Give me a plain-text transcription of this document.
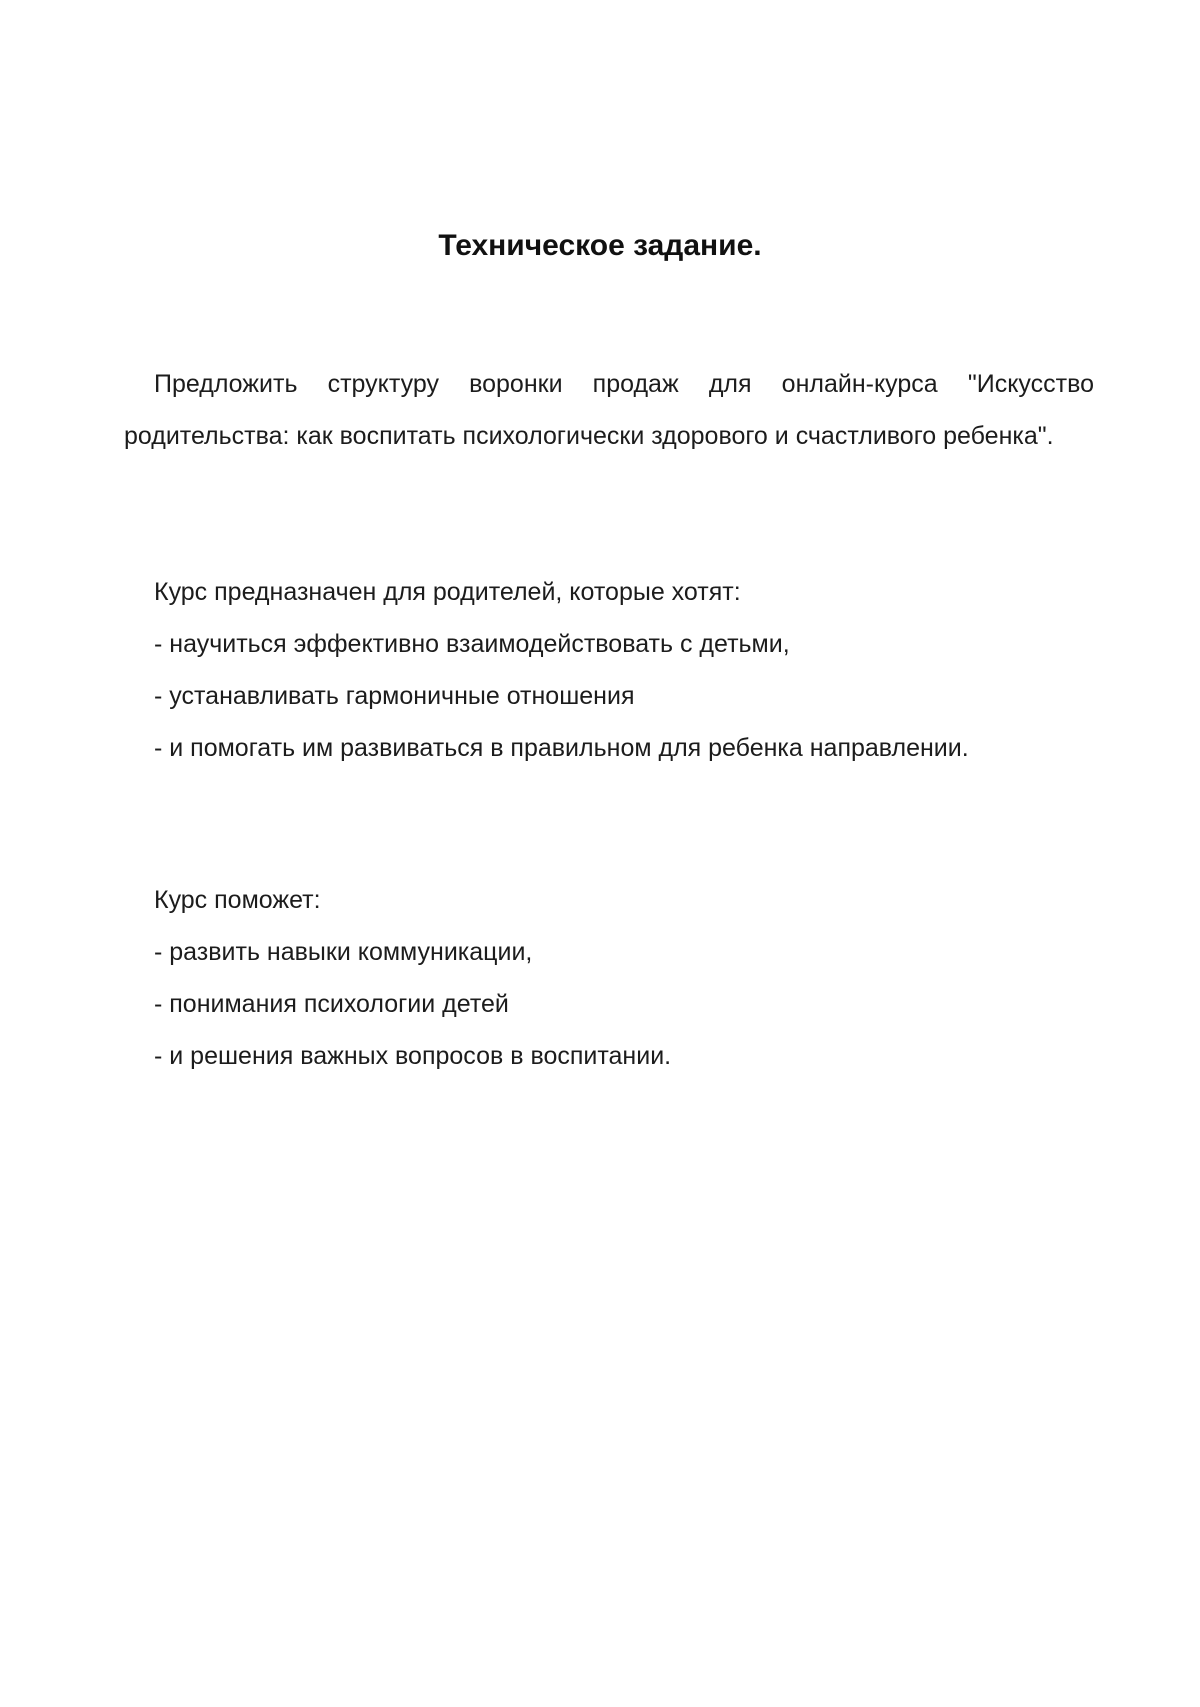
Техническое задание.

Предложить структуру воронки продаж для онлайн-курса "Искусство родительства: как воспитать психологически здорового и счастливого ребенка".

Курс предназначен для родителей, которые хотят:

- научиться эффективно взаимодействовать с детьми,
- устанавливать гармоничные отношения
- и помогать им развиваться в правильном для ребенка направлении.

Курс поможет:

- развить навыки коммуникации,
- понимания психологии детей
- и решения важных вопросов в воспитании.
